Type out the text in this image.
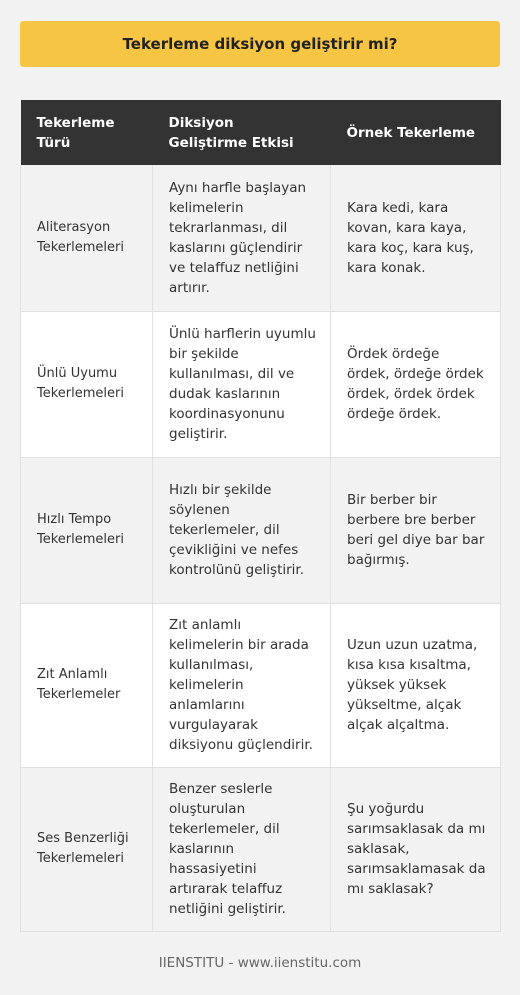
Tekerleme diksiyon geliştirir mi?
Tekerleme Türü	Diksiyon Geliştirme Etkisi	Örnek Tekerleme
Aliterasyon Tekerlemeleri	Aynı harfle başlayan kelimelerin tekrarlanması, dil kaslarını güçlendirir ve telaffuz netliğini artırır.	Kara kedi, kara kovan, kara kaya, kara koç, kara kuş, kara konak.
Ünlü Uyumu Tekerlemeleri	Ünlü harflerin uyumlu bir şekilde kullanılması, dil ve dudak kaslarının koordinasyonunu geliştirir.	Ördek ördeğe ördek, ördeğe ördek ördek, ördek ördek ördeğe ördek.
Hızlı Tempo Tekerlemeleri	Hızlı bir şekilde söylenen tekerlemeler, dil çevikliğini ve nefes kontrolünü geliştirir.	Bir berber bir berbere bre berber beri gel diye bar bar bağırmış.
Zıt Anlamlı Tekerlemeler	Zıt anlamlı kelimelerin bir arada kullanılması, kelimelerin anlamlarını vurgulayarak diksiyonu güçlendirir.	Uzun uzun uzatma, kısa kısa kısaltma, yüksek yüksek yükseltme, alçak alçak alçaltma.
Ses Benzerliği Tekerlemeleri	Benzer seslerle oluşturulan tekerlemeler, dil kaslarının hassasiyetini artırarak telaffuz netliğini geliştirir.	Şu yoğurdu sarımsaklasak da mı saklasak, sarımsaklamasak da mı saklasak?
IIENSTITU - www.iienstitu.com
